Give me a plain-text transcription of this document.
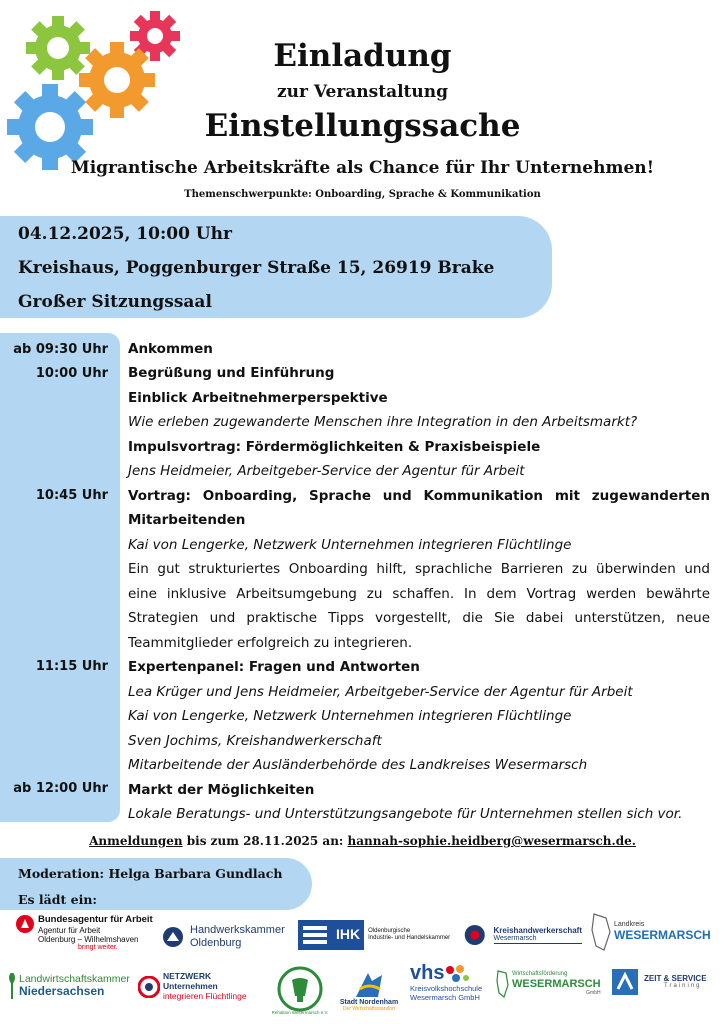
Einladung
zur Veranstaltung
Einstellungssache
Migrantische Arbeitskräfte als Chance für Ihr Unternehmen!
Themenschwerpunkte: Onboarding, Sprache & Kommunikation
04.12.2025, 10:00 Uhr
Kreishaus, Poggenburger Straße 15, 26919 Brake
Großer Sitzungssaal
ab 09:30 Uhr
10:00 Uhr
10:45 Uhr
11:15 Uhr
ab 12:00 Uhr
Ankommen
Begrüßung und Einführung
Einblick Arbeitnehmerperspektive
Wie erleben zugewanderte Menschen ihre Integration in den Arbeitsmarkt?
Impulsvortrag: Fördermöglichkeiten & Praxisbeispiele
Jens Heidmeier, Arbeitgeber-Service der Agentur für Arbeit
Vortrag: Onboarding, Sprache und Kommunikation mit zugewanderten
Mitarbeitenden
Kai von Lengerke, Netzwerk Unternehmen integrieren Flüchtlinge
Ein gut strukturiertes Onboarding hilft, sprachliche Barrieren zu überwinden und
eine inklusive Arbeitsumgebung zu schaffen. In dem Vortrag werden bewährte
Strategien und praktische Tipps vorgestellt, die Sie dabei unterstützen, neue
Teammitglieder erfolgreich zu integrieren.
Expertenpanel: Fragen und Antworten
Lea Krüger und Jens Heidmeier, Arbeitgeber-Service der Agentur für Arbeit
Kai von Lengerke, Netzwerk Unternehmen integrieren Flüchtlinge
Sven Jochims, Kreishandwerkerschaft
Mitarbeitende der Ausländerbehörde des Landkreises Wesermarsch
Markt der Möglichkeiten
Lokale Beratungs- und Unterstützungsangebote für Unternehmen stellen sich vor.
Anmeldungen bis zum 28.11.2025 an: hannah-sophie.heidberg@wesermarsch.de.
Moderation: Helga Barbara Gundlach
Es lädt ein:
Bundesagentur für Arbeit
Agentur für Arbeit
Oldenburg – Wilhelmshaven
bringt weiter.
Handwerkskammer
Oldenburg
IHK	Oldenburgische
Industrie- und Handelskammer
Kreishandwerkerschaft
Wesermarsch
Landkreis
WESERMARSCH
Landwirtschaftskammer
Niedersachsen
NETZWERK Unternehmen
integrieren Flüchtlinge
Rehaltion Wesermarsch e.V.
Stadt Nordenham
Der Wirtschaftsstandort
vhs
Kreisvolkshochschule
Wesermarsch GmbH
Wirtschaftsförderung
WESERMARSCH
GmbH
ZEIT & SERVICE
Training
